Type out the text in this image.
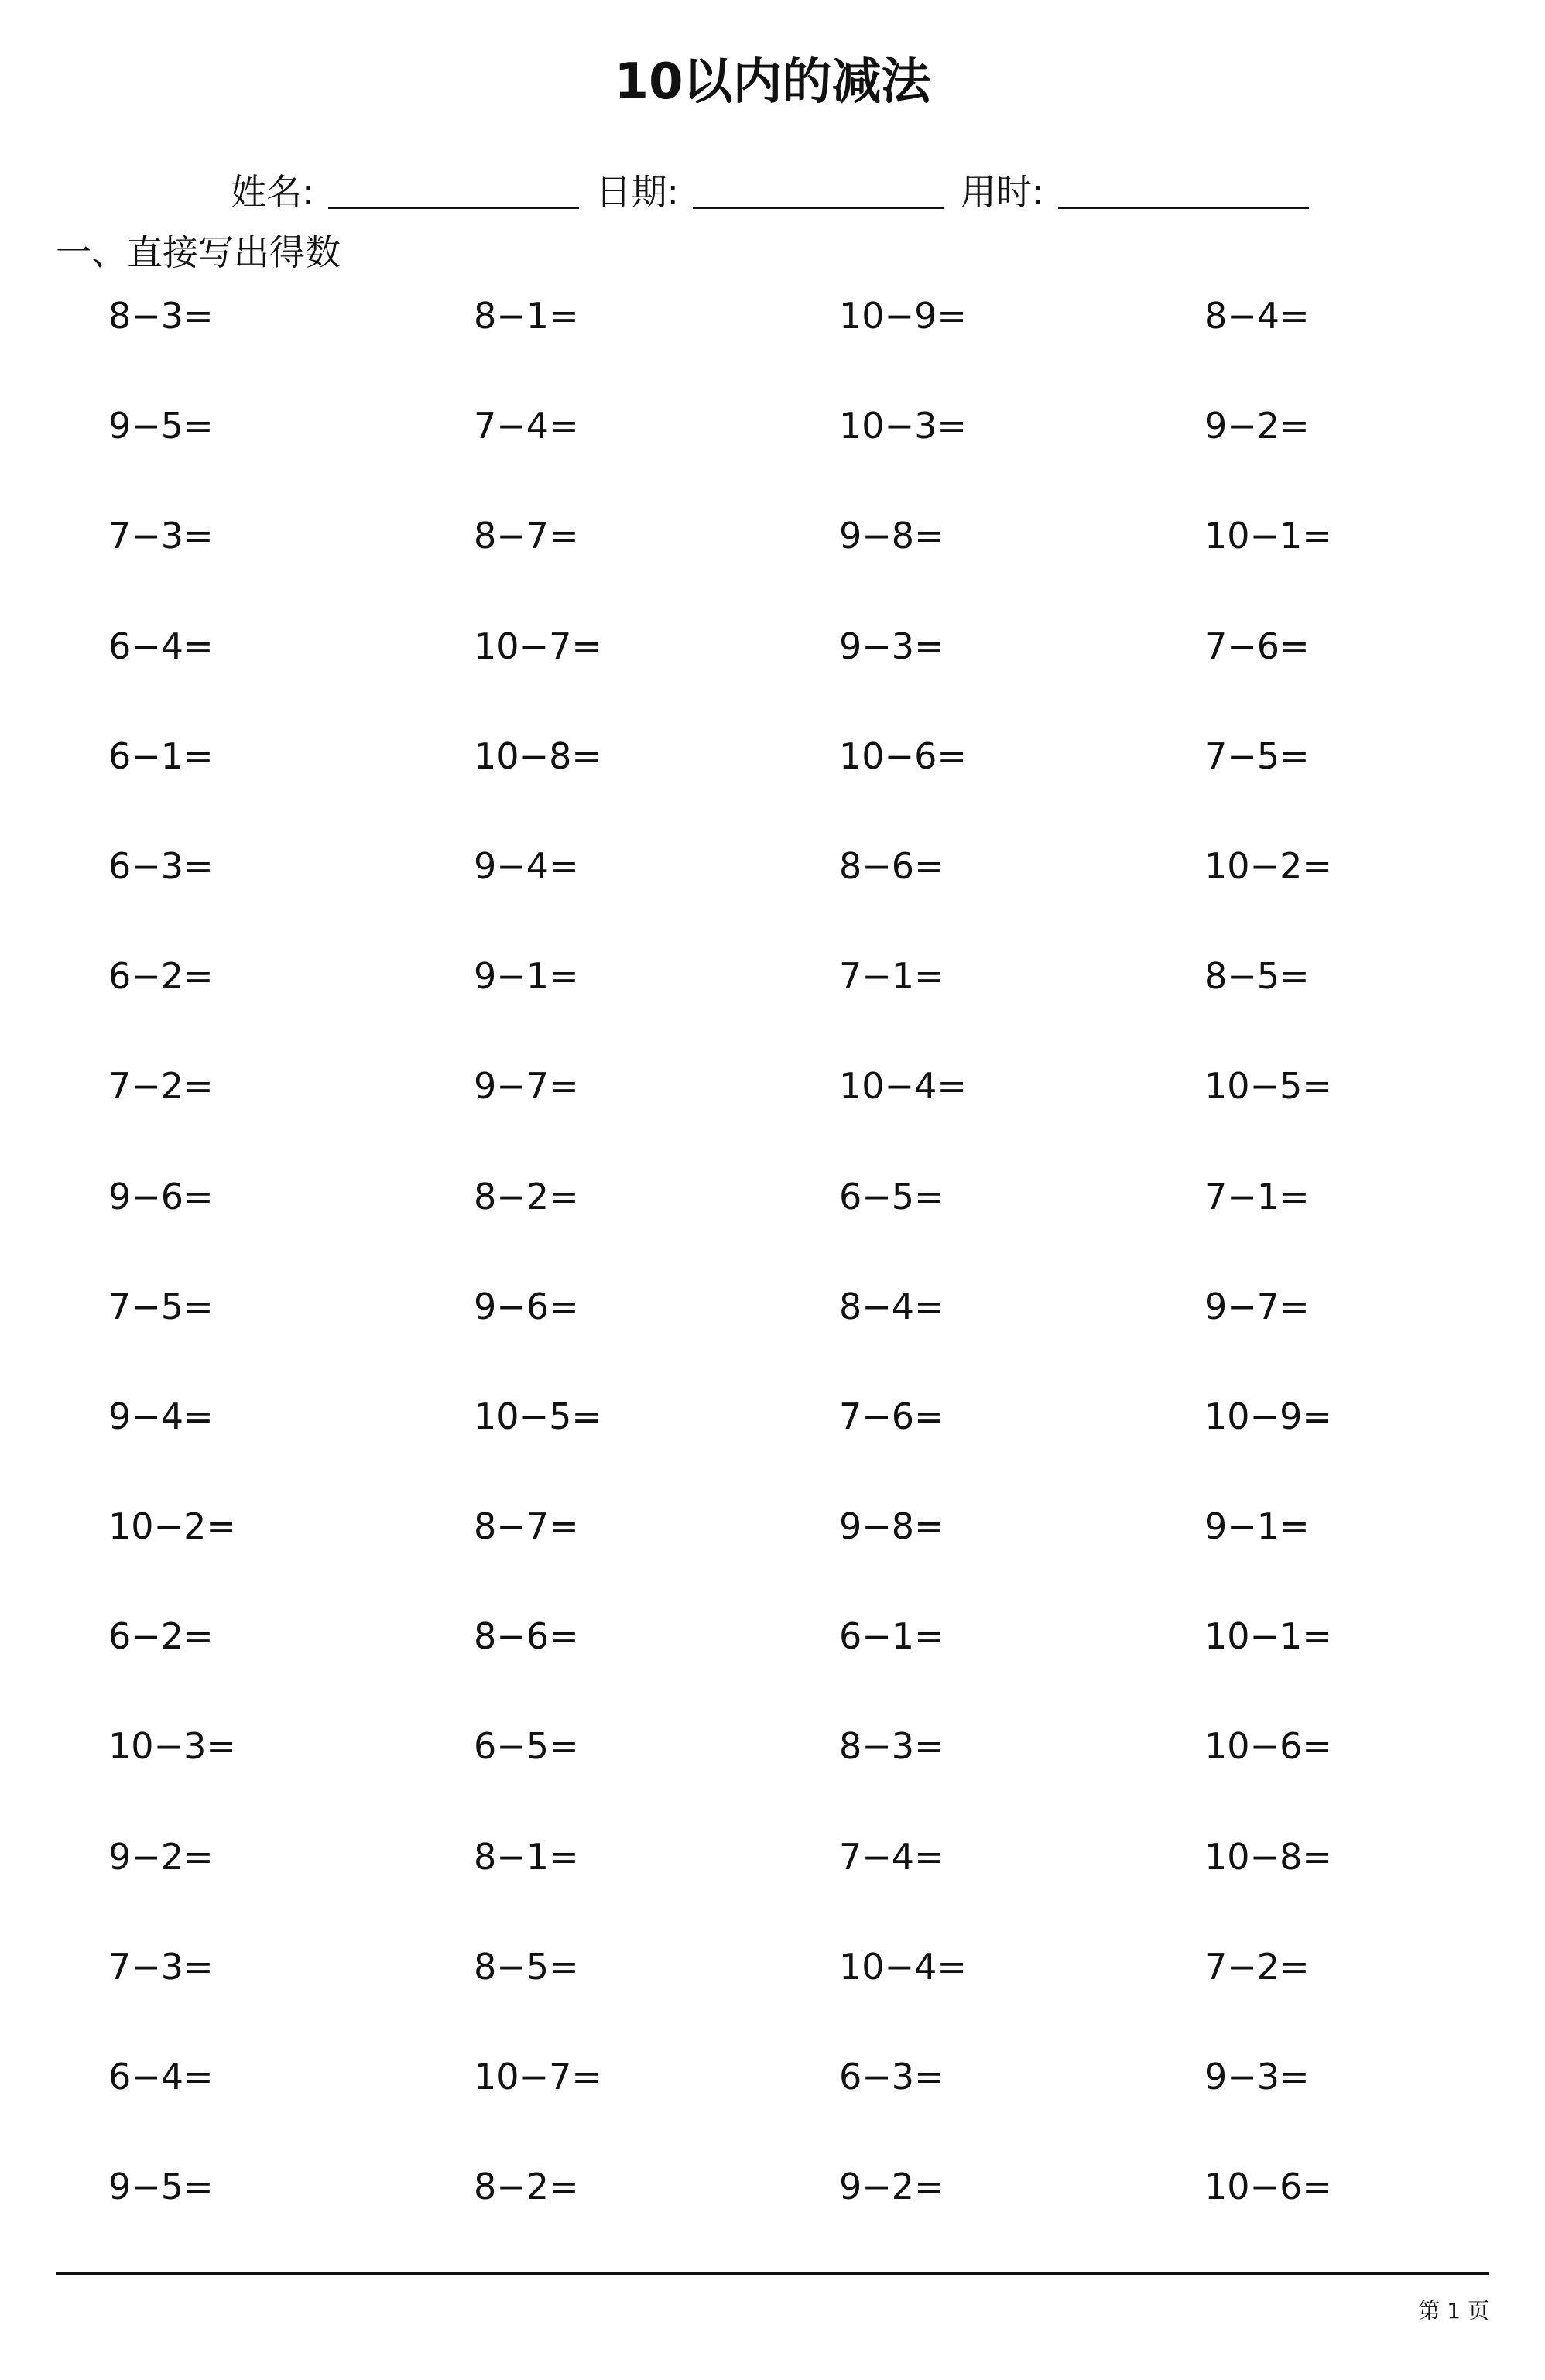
10以内的减法
姓名:	日期:	用时:
一、直接写出得数
8−3=	8−1=	10−9=	8−4=
9−5=	7−4=	10−3=	9−2=
7−3=	8−7=	9−8=	10−1=
6−4=	10−7=	9−3=	7−6=
6−1=	10−8=	10−6=	7−5=
6−3=	9−4=	8−6=	10−2=
6−2=	9−1=	7−1=	8−5=
7−2=	9−7=	10−4=	10−5=
9−6=	8−2=	6−5=	7−1=
7−5=	9−6=	8−4=	9−7=
9−4=	10−5=	7−6=	10−9=
10−2=	8−7=	9−8=	9−1=
6−2=	8−6=	6−1=	10−1=
10−3=	6−5=	8−3=	10−6=
9−2=	8−1=	7−4=	10−8=
7−3=	8−5=	10−4=	7−2=
6−4=	10−7=	6−3=	9−3=
9−5=	8−2=	9−2=	10−6=
第 1 页
